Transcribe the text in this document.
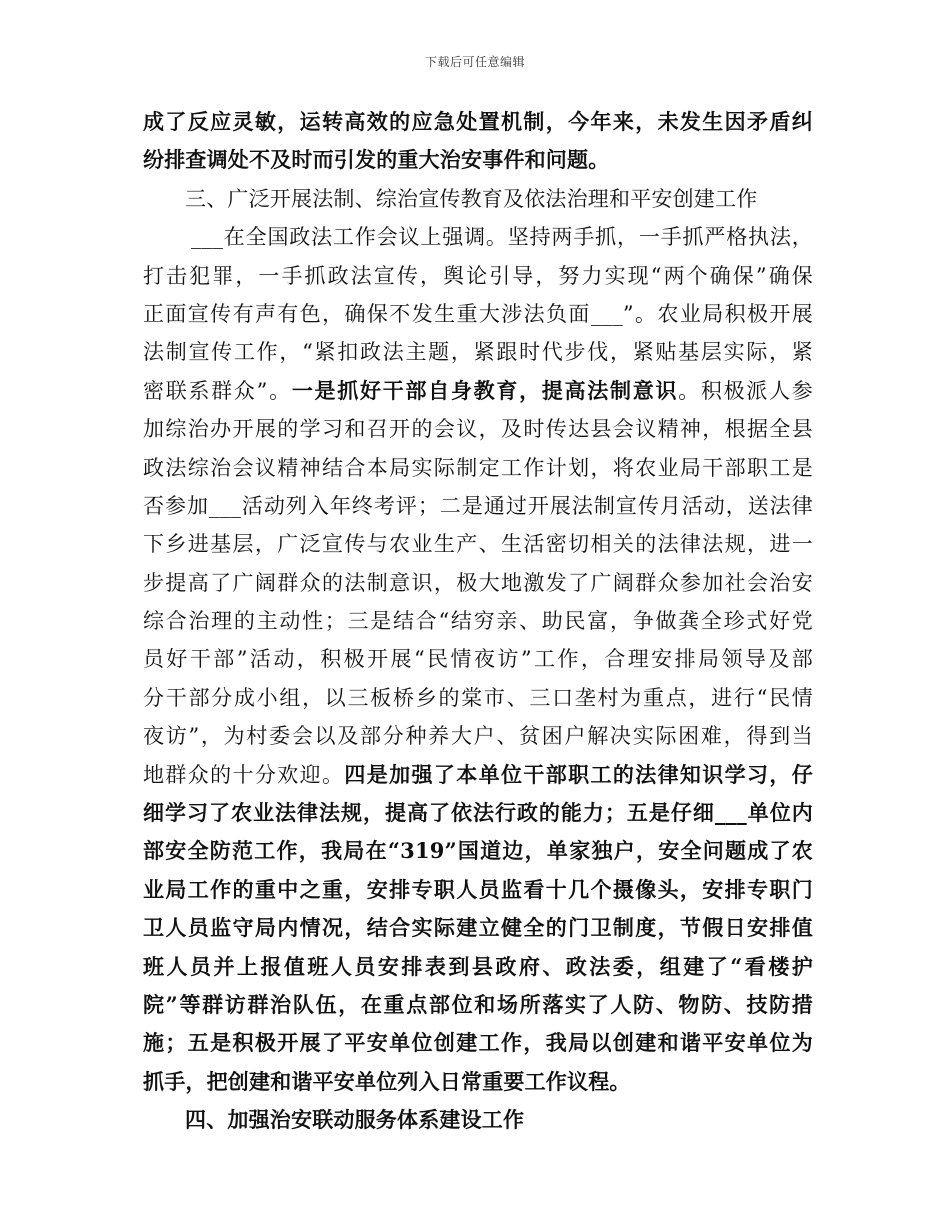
下载后可任意编辑
成了反应灵敏，运转高效的应急处置机制，今年来，未发生因矛盾纠
纷排查调处不及时而引发的重大治安事件和问题。
三、广泛开展法制、综治宣传教育及依法治理和平安创建工作
___在全国政法工作会议上强调。坚持两手抓，一手抓严格执法，
打击犯罪，一手抓政法宣传，舆论引导，努力实现“两个确保”确保
正面宣传有声有色，确保不发生重大涉法负面___”。农业局积极开展
法制宣传工作，“紧扣政法主题，紧跟时代步伐，紧贴基层实际，紧
密联系群众”。一是抓好干部自身教育，提高法制意识。积极派人参
加综治办开展的学习和召开的会议，及时传达县会议精神，根据全县
政法综治会议精神结合本局实际制定工作计划，将农业局干部职工是
否参加___活动列入年终考评；二是通过开展法制宣传月活动，送法律
下乡进基层，广泛宣传与农业生产、生活密切相关的法律法规，进一
步提高了广阔群众的法制意识，极大地激发了广阔群众参加社会治安
综合治理的主动性；三是结合“结穷亲、助民富，争做龚全珍式好党
员好干部”活动，积极开展“民情夜访”工作，合理安排局领导及部
分干部分成小组，以三板桥乡的棠市、三口垄村为重点，进行“民情
夜访”，为村委会以及部分种养大户、贫困户解决实际困难，得到当
地群众的十分欢迎。四是加强了本单位干部职工的法律知识学习，仔
细学习了农业法律法规，提高了依法行政的能力；五是仔细___单位内
部安全防范工作，我局在“319”国道边，单家独户，安全问题成了农
业局工作的重中之重，安排专职人员监看十几个摄像头，安排专职门
卫人员监守局内情况，结合实际建立健全的门卫制度，节假日安排值
班人员并上报值班人员安排表到县政府、政法委，组建了“看楼护
院”等群访群治队伍，在重点部位和场所落实了人防、物防、技防措
施；五是积极开展了平安单位创建工作，我局以创建和谐平安单位为
抓手，把创建和谐平安单位列入日常重要工作议程。
四、加强治安联动服务体系建设工作
